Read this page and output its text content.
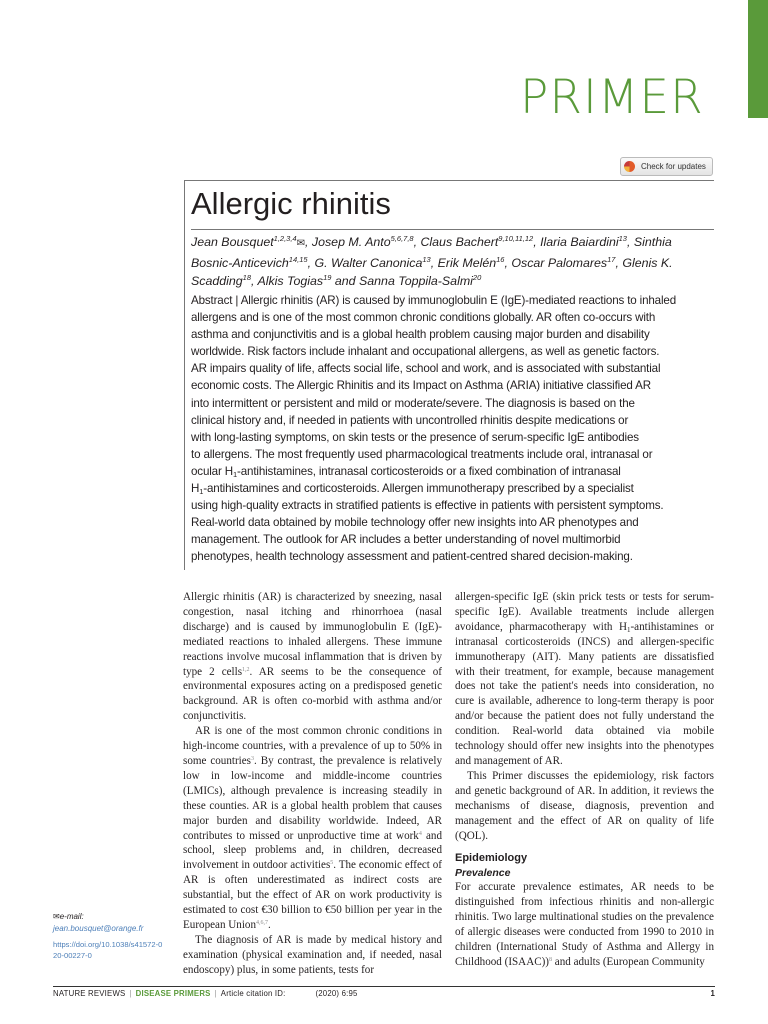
PRIMER
Check for updates
Allergic rhinitis
Jean Bousquet$^{1,2,3,4}$✉, Josep M. Anto$^{5,6,7,8}$, Claus Bachert$^{9,10,11,12}$, Ilaria Baiardini$^{13}$, Sinthia Bosnic-Anticevich$^{14,15}$, G. Walter Canonica$^{13}$, Erik Melén$^{16}$, Oscar Palomares$^{17}$, Glenis K. Scadding$^{18}$, Alkis Togias$^{19}$ and Sanna Toppila-Salmi$^{20}$

Abstract | Allergic rhinitis (AR) is caused by immunoglobulin E (IgE)-mediated reactions to inhaled
allergens and is one of the most common chronic conditions globally. AR often co-occurs with
asthma and conjunctivitis and is a global health problem causing major burden and disability
worldwide. Risk factors include inhalant and occupational allergens, as well as genetic factors.
AR impairs quality of life, affects social life, school and work, and is associated with substantial
economic costs. The Allergic Rhinitis and its Impact on Asthma (ARIA) initiative classified AR
into intermittent or persistent and mild or moderate/severe. The diagnosis is based on the
clinical history and, if needed in patients with uncontrolled rhinitis despite medications or
with long-lasting symptoms, on skin tests or the presence of serum-specific IgE antibodies
to allergens. The most frequently used pharmacological treatments include oral, intranasal or
ocular $H_1$-antihistamines, intranasal corticosteroids or a fixed combination of intranasal
$H_1$-antihistamines and corticosteroids. Allergen immunotherapy prescribed by a specialist
using high-quality extracts in stratified patients is effective in patients with persistent symptoms.
Real-world data obtained by mobile technology offer new insights into AR phenotypes and
management. The outlook for AR includes a better understanding of novel multimorbid
phenotypes, health technology assessment and patient-centred shared decision-making.

Allergic rhinitis (AR) is characterized by sneezing, nasal congestion, nasal itching and rhinorrhoea (nasal discharge) and is caused by immunoglobulin E (IgE)-mediated reactions to inhaled allergens. These immune reactions involve mucosal inflammation that is driven by type 2 cells$^{1,2}$. AR seems to be the consequence of environmental exposures acting on a predisposed genetic background. AR is often co-morbid with asthma and/or conjunctivitis.

AR is one of the most common chronic conditions in high-income countries, with a prevalence of up to 50% in some countries$^3$. By contrast, the prevalence is relatively low in low-income and middle-income countries (LMICs), although prevalence is increasing steadily in these counties. AR is a global health problem that causes major burden and disability worldwide. Indeed, AR contributes to missed or unproductive time at work$^4$ and school, sleep problems and, in children, decreased involvement in outdoor activities$^5$. The economic effect of AR is often underestimated as indirect costs are substantial, but the effect of AR on work productivity is estimated to cost €30 billion to €50 billion per year in the European Union$^{4,6,7}$.

The diagnosis of AR is made by medical history and examination (physical examination and, if needed, nasal endoscopy) plus, in some patients, tests for

allergen-specific IgE (skin prick tests or tests for serum-specific IgE). Available treatments include allergen avoidance, pharmacotherapy with $H_1$-antihistamines or intranasal corticosteroids (INCS) and allergen-specific immunotherapy (AIT). Many patients are dissatisfied with their treatment, for example, because management does not take the patient's needs into consideration, no cure is available, adherence to long-term therapy is poor and/or because the patient does not fully understand the condition. Real-world data obtained via mobile technology should offer new insights into the phenotypes and management of AR.

This Primer discusses the epidemiology, risk factors and genetic background of AR. In addition, it reviews the mechanisms of disease, diagnosis, prevention and management and the effect of AR on quality of life (QOL).

Epidemiology

Prevalence

For accurate prevalence estimates, AR needs to be distinguished from infectious rhinitis and non-allergic rhinitis. Two large multinational studies on the prevalence of allergic diseases were conducted from 1990 to 2010 in children (International Study of Asthma and Allergy in Childhood (ISAAC))$^8$ and adults (European Community

✉e-mail: jean.bousquet@orange.fr
https://doi.org/10.1038/s41572-020-00227-0
NATURE REVIEWS | DISEASE PRIMERS | Article citation ID:	(2020) 6:95	1
